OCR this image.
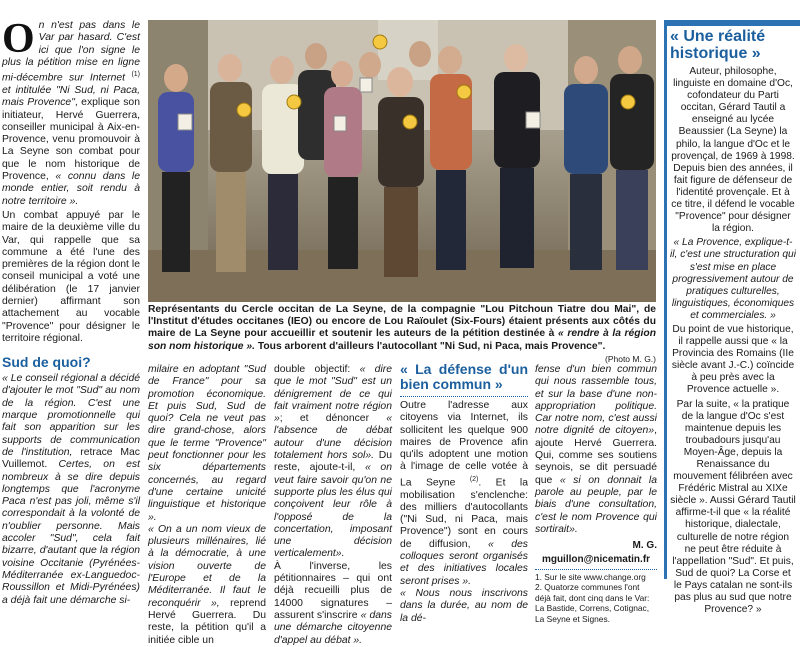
On n'est pas dans le Var par hasard. C'est ici que l'on signe le plus la pétition mise en ligne mi-décembre sur Internet $^{(1)}$ et intitulée "Ni Sud, ni Paca, mais Provence", explique son initiateur, Hervé Guerrera, conseiller municipal à Aix-en-Provence, venu promouvoir à La Seyne son combat pour que le nom historique de Provence, « connu dans le monde entier, soit rendu à notre territoire ».

Un combat appuyé par le maire de la deuxième ville du Var, qui rappelle que sa commune a été l'une des premières de la région dont le conseil municipal a voté une délibération (le 17 janvier dernier) affirmant son attachement au vocable "Provence" pour désigner le territoire régional.

Sud de quoi?

« Le conseil régional a décidé d'ajouter le mot "Sud" au nom de la région. C'est une marque promotionnelle qui fait son apparition sur les supports de communication de l'institution, retrace Mac Vuillemot. Certes, on est nombreux à se dire depuis longtemps que l'acronyme Paca n'est pas joli, même s'il correspondait à la volonté de n'oublier personne. Mais accoler "Sud", cela fait bizarre, d'autant que la région voisine Occitanie (Pyrénées-Méditerranée ex-Languedoc-Roussillon et Midi-Pyrénées) a déjà fait une démarche si-

Représentants du Cercle occitan de La Seyne, de la compagnie "Lou Pitchoun Tiatre dou Mai", de l'Institut d'études occitanes (IEO) ou encore de Lou Raïoulet (Six-Fours) étaient présents aux côtés du maire de La Seyne pour accueillir et soutenir les auteurs de la pétition destinée à « rendre à la région son nom historique ». Tous arborent d'ailleurs l'autocollant "Ni Sud, ni Paca, mais Provence".
(Photo M. G.)

milaire en adoptant "Sud de France" pour sa promotion économique. Et puis Sud, Sud de quoi? Cela ne veut pas dire grand-chose, alors que le terme "Provence" peut fonctionner pour les six départements concernés, au regard d'une certaine unicité linguistique et historique ».

« On a un nom vieux de plusieurs millénaires, lié à la démocratie, à une vision ouverte de l'Europe et de la Méditerranée. Il faut le reconquérir », reprend Hervé Guerrera. Du reste, la pétition qu'il a initiée cible un

double objectif: « dire que le mot "Sud" est un dénigrement de ce qui fait vraiment notre région »; et dénoncer « l'absence de débat autour d'une décision totalement hors sol». Du reste, ajoute-t-il, « on veut faire savoir qu'on ne supporte plus les élus qui conçoivent leur rôle à l'opposé de la concertation, imposant une décision verticalement».

À l'inverse, les pétitionnaires – qui ont déjà recueilli plus de 14000 signatures – assurent s'inscrire « dans une démarche citoyenne d'appel au débat ».

« La défense d'un bien commun »

Outre l'adresse aux citoyens via Internet, ils sollicitent les quelque 900 maires de Provence afin qu'ils adoptent une motion à l'image de celle votée à La Seyne $^{(2)}$. Et la mobilisation s'enclenche: des milliers d'autocollants ("Ni Sud, ni Paca, mais Provence") sont en cours de diffusion, « des colloques seront organisés et des initiatives locales seront prises ».

« Nous nous inscrivons dans la durée, au nom de la dé-

fense d'un bien commun qui nous rassemble tous, et sur la base d'une non-appropriation politique. Car notre nom, c'est aussi notre dignité de citoyen», ajoute Hervé Guerrera. Qui, comme ses soutiens seynois, se dit persuadé que « si on donnait la parole au peuple, par le biais d'une consultation, c'est le nom Provence qui sortirait».

M. G.

mguillon@nicematin.fr

1. Sur le site www.change.org

2. Quatorze communes l'ont déjà fait, dont cinq dans le Var: La Bastide, Correns, Cotignac, La Seyne et Signes.

« Une réalité historique »

Auteur, philosophe, linguiste en domaine d'Oc, cofondateur du Parti occitan, Gérard Tautil a enseigné au lycée Beaussier (La Seyne) la philo, la langue d'Oc et le provençal, de 1969 à 1998. Depuis bien des années, il fait figure de défenseur de l'identité provençale. Et à ce titre, il défend le vocable "Provence" pour désigner la région.

« La Provence, explique-t-il, c'est une structuration qui s'est mise en place progressivement autour de pratiques culturelles, linguistiques, économiques et commerciales. »

Du point de vue historique, il rappelle aussi que « la Provincia des Romains (IIe siècle avant J.-C.) coïncide à peu près avec la Provence actuelle ».

Par la suite, « la pratique de la langue d'Oc s'est maintenue depuis les troubadours jusqu'au Moyen-Âge, depuis la Renaissance du mouvement félibréen avec Frédéric Mistral au XIXe siècle ». Aussi Gérard Tautil affirme-t-il que « la réalité historique, dialectale, culturelle de notre région ne peut être réduite à l'appellation "Sud". Et puis, Sud de quoi? La Corse et le Pays catalan ne sont-ils pas plus au sud que notre Provence? »
